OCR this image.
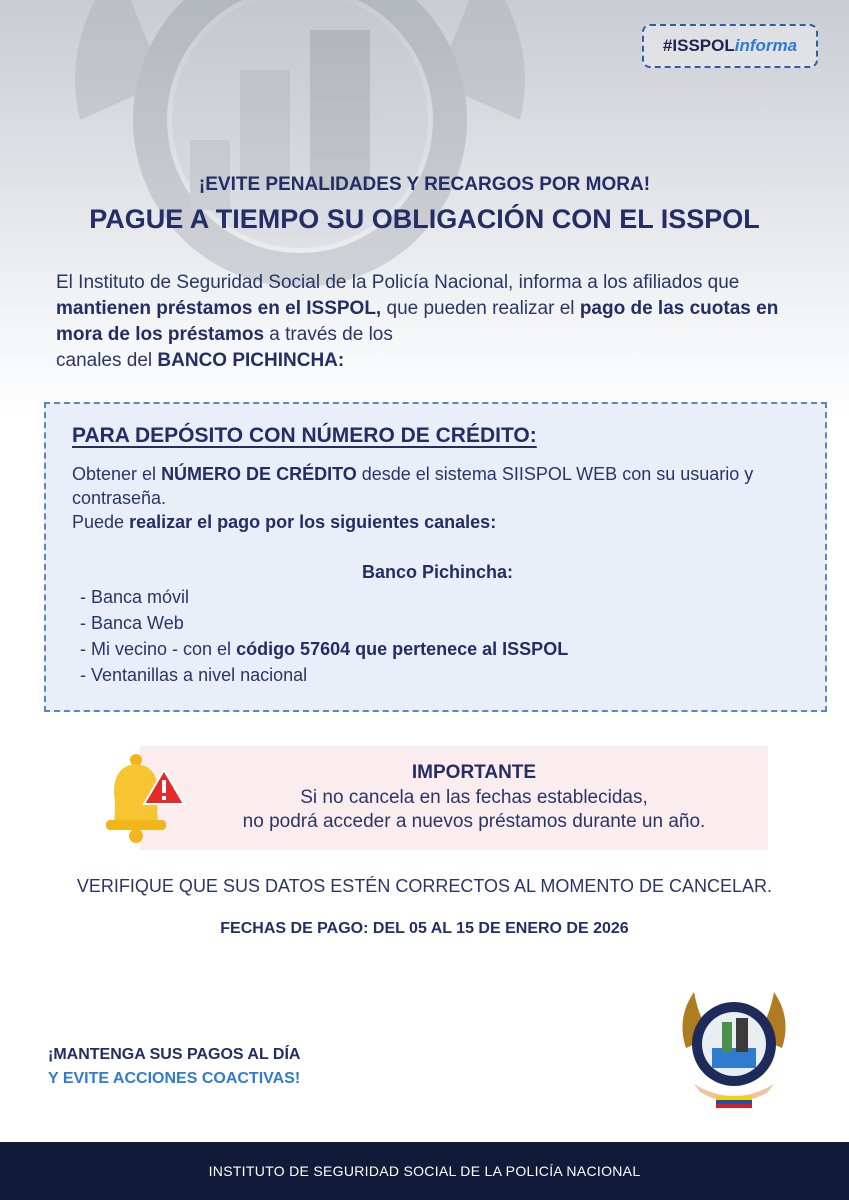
#ISSPOL informa
¡EVITE PENALIDADES Y RECARGOS POR MORA!
PAGUE A TIEMPO SU OBLIGACIÓN CON EL ISSPOL
El Instituto de Seguridad Social de la Policía Nacional, informa a los afiliados que mantienen préstamos en el ISSPOL, que pueden realizar el pago de las cuotas en mora de los préstamos a través de los
canales del BANCO PICHINCHA:
PARA DEPÓSITO CON NÚMERO DE CRÉDITO:
Obtener el NÚMERO DE CRÉDITO desde el sistema SIISPOL WEB con su usuario y contraseña.
Puede realizar el pago por los siguientes canales:
Banco Pichincha:
- Banca móvil
- Banca Web
- Mi vecino - con el código 57604 que pertenece al ISSPOL
- Ventanillas a nivel nacional
IMPORTANTE
Si no cancela en las fechas establecidas,
no podrá acceder a nuevos préstamos durante un año.
VERIFIQUE QUE SUS DATOS ESTÉN CORRECTOS AL MOMENTO DE CANCELAR.
FECHAS DE PAGO: DEL 05 AL 15 DE ENERO DE 2026
¡MANTENGA SUS PAGOS AL DÍA
Y EVITE ACCIONES COACTIVAS!
INSTITUTO DE SEGURIDAD SOCIAL DE LA POLICÍA NACIONAL
